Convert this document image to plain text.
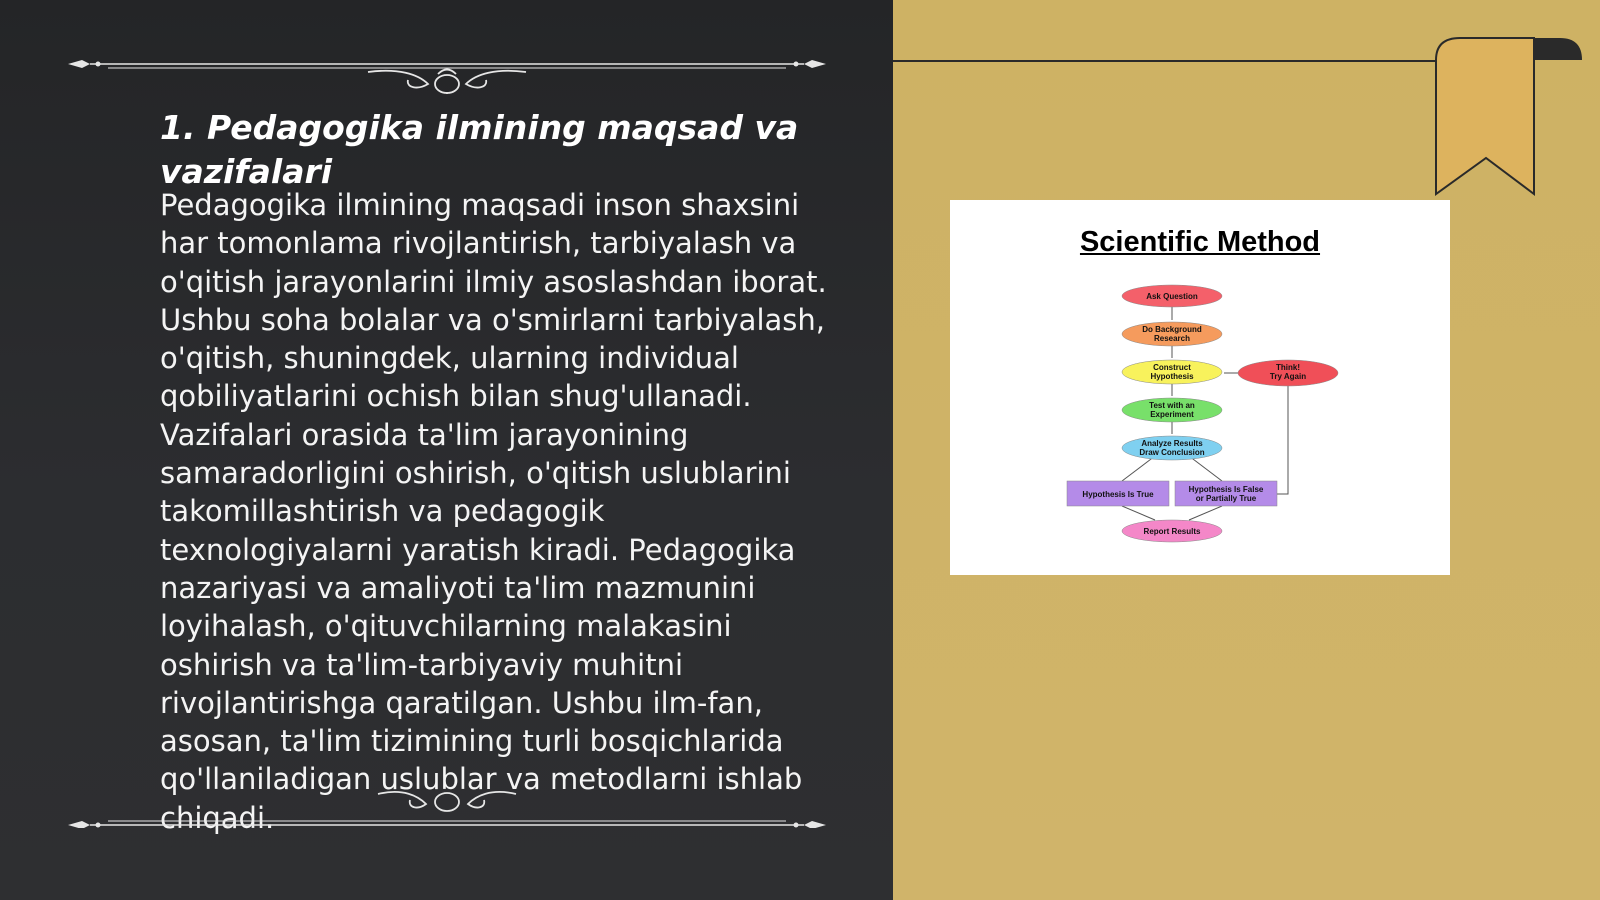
1. Pedagogika ilmining maqsad va vazifalari

Pedagogika ilmining maqsadi inson shaxsini har tomonlama rivojlantirish, tarbiyalash va o'qitish jarayonlarini ilmiy asoslashdan iborat. Ushbu soha bolalar va o'smirlarni tarbiyalash, o'qitish, shuningdek, ularning individual qobiliyatlarini ochish bilan shug'ullanadi. Vazifalari orasida ta'lim jarayonining samaradorligini oshirish, o'qitish uslublarini takomillashtirish va pedagogik texnologiyalarni yaratish kiradi. Pedagogika nazariyasi va amaliyoti ta'lim mazmunini loyihalash, o'qituvchilarning malakasini oshirish va ta'lim-tarbiyaviy muhitni rivojlantirishga qaratilgan. Ushbu ilm-fan, asosan, ta'lim tizimining turli bosqichlarida qo'llaniladigan uslublar va metodlarni ishlab chiqadi.

Scientific Method
Ask Question
Do Background
Research
Construct
Hypothesis
Think!
Try Again
Test with an
Experiment
Analyze Results
Draw Conclusion
Hypothesis Is True
Hypothesis Is False
or Partially True
Report Results
